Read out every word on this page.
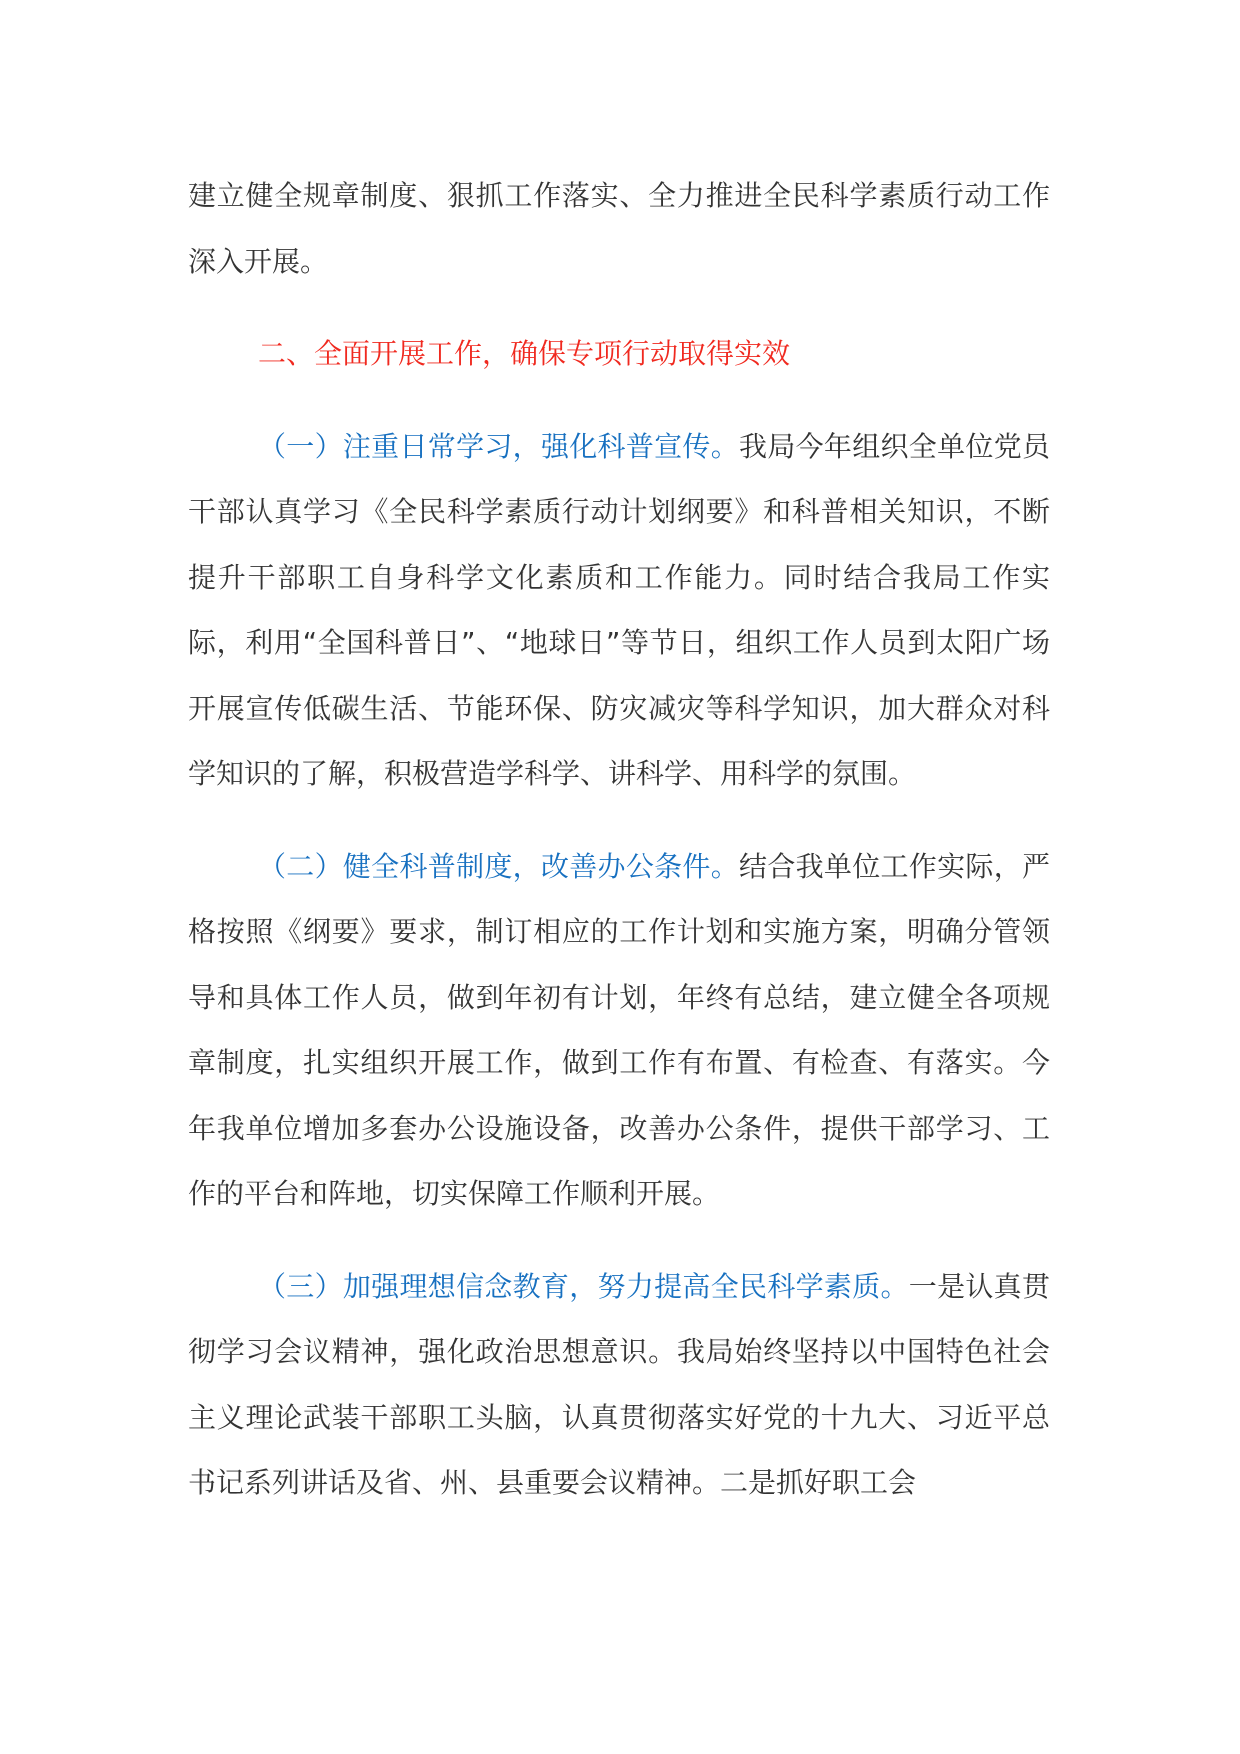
建立健全规章制度、狠抓工作落实、全力推进全民科学素质行动工作深入开展。

二、全面开展工作，确保专项行动取得实效

（一）注重日常学习，强化科普宣传。我局今年组织全单位党员干部认真学习《全民科学素质行动计划纲要》和科普相关知识，不断提升干部职工自身科学文化素质和工作能力。同时结合我局工作实际，利用“全国科普日”、“地球日”等节日，组织工作人员到太阳广场开展宣传低碳生活、节能环保、防灾减灾等科学知识，加大群众对科学知识的了解，积极营造学科学、讲科学、用科学的氛围。

（二）健全科普制度，改善办公条件。结合我单位工作实际，严格按照《纲要》要求，制订相应的工作计划和实施方案，明确分管领导和具体工作人员，做到年初有计划，年终有总结，建立健全各项规章制度，扎实组织开展工作，做到工作有布置、有检查、有落实。今年我单位增加多套办公设施设备，改善办公条件，提供干部学习、工作的平台和阵地，切实保障工作顺利开展。

（三）加强理想信念教育，努力提高全民科学素质。一是认真贯彻学习会议精神，强化政治思想意识。我局始终坚持以中国特色社会主义理论武装干部职工头脑，认真贯彻落实好党的十九大、习近平总书记系列讲话及省、州、县重要会议精神。二是抓好职工会
